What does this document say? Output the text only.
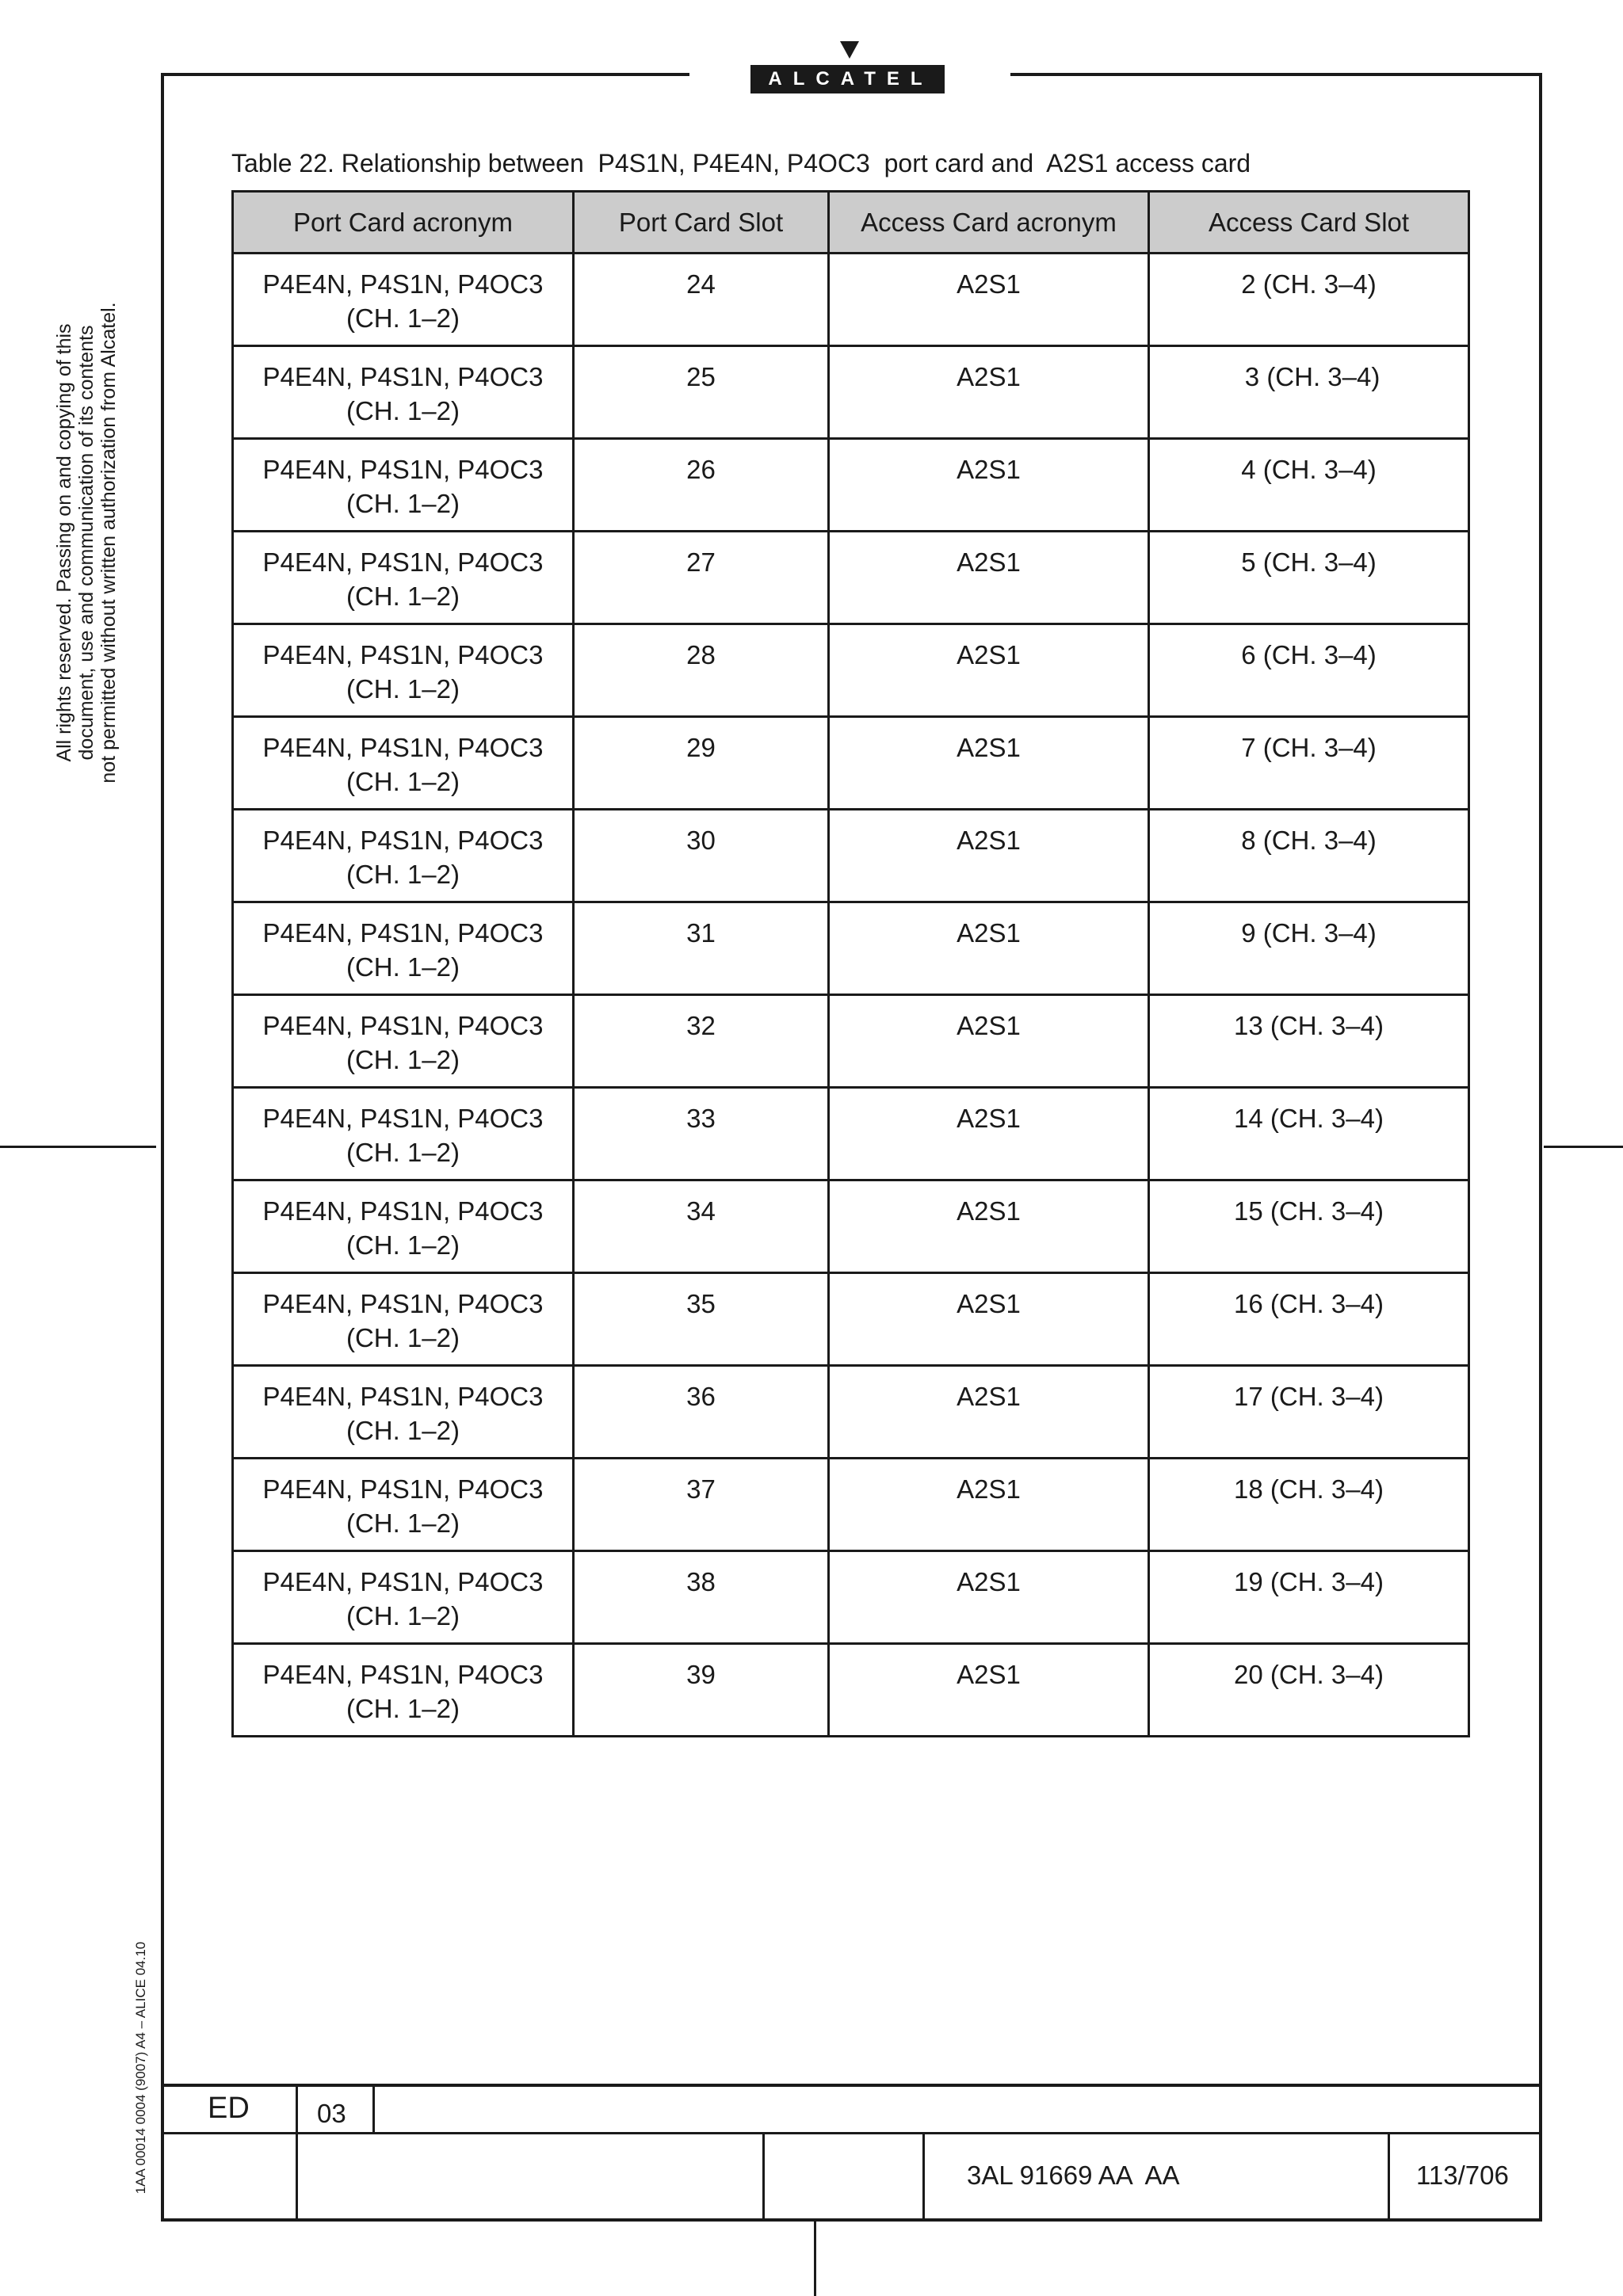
ALCATEL
All rights reserved. Passing on and copying of this document, use and communication of its contents not permitted without written authorization from Alcatel.
1AA 00014 0004 (9007) A4 – ALICE 04.10
Table 22. Relationship between  P4S1N, P4E4N, P4OC3  port card and  A2S1 access card
Port Card acronym	Port Card Slot	Access Card acronym	Access Card Slot

P4E4N, P4S1N, P4OC3
(CH. 1–2)	24	A2S1	2 (CH. 3–4)

P4E4N, P4S1N, P4OC3
(CH. 1–2)	25	A2S1	3 (CH. 3–4)

P4E4N, P4S1N, P4OC3
(CH. 1–2)	26	A2S1	4 (CH. 3–4)

P4E4N, P4S1N, P4OC3
(CH. 1–2)	27	A2S1	5 (CH. 3–4)

P4E4N, P4S1N, P4OC3
(CH. 1–2)	28	A2S1	6 (CH. 3–4)

P4E4N, P4S1N, P4OC3
(CH. 1–2)	29	A2S1	7 (CH. 3–4)

P4E4N, P4S1N, P4OC3
(CH. 1–2)	30	A2S1	8 (CH. 3–4)

P4E4N, P4S1N, P4OC3
(CH. 1–2)	31	A2S1	9 (CH. 3–4)

P4E4N, P4S1N, P4OC3
(CH. 1–2)	32	A2S1	13 (CH. 3–4)

P4E4N, P4S1N, P4OC3
(CH. 1–2)	33	A2S1	14 (CH. 3–4)

P4E4N, P4S1N, P4OC3
(CH. 1–2)	34	A2S1	15 (CH. 3–4)

P4E4N, P4S1N, P4OC3
(CH. 1–2)	35	A2S1	16 (CH. 3–4)

P4E4N, P4S1N, P4OC3
(CH. 1–2)	36	A2S1	17 (CH. 3–4)

P4E4N, P4S1N, P4OC3
(CH. 1–2)	37	A2S1	18 (CH. 3–4)

P4E4N, P4S1N, P4OC3
(CH. 1–2)	38	A2S1	19 (CH. 3–4)

P4E4N, P4S1N, P4OC3
(CH. 1–2)	39	A2S1	20 (CH. 3–4)
ED	03
3AL 91669 AA  AA	113/706
